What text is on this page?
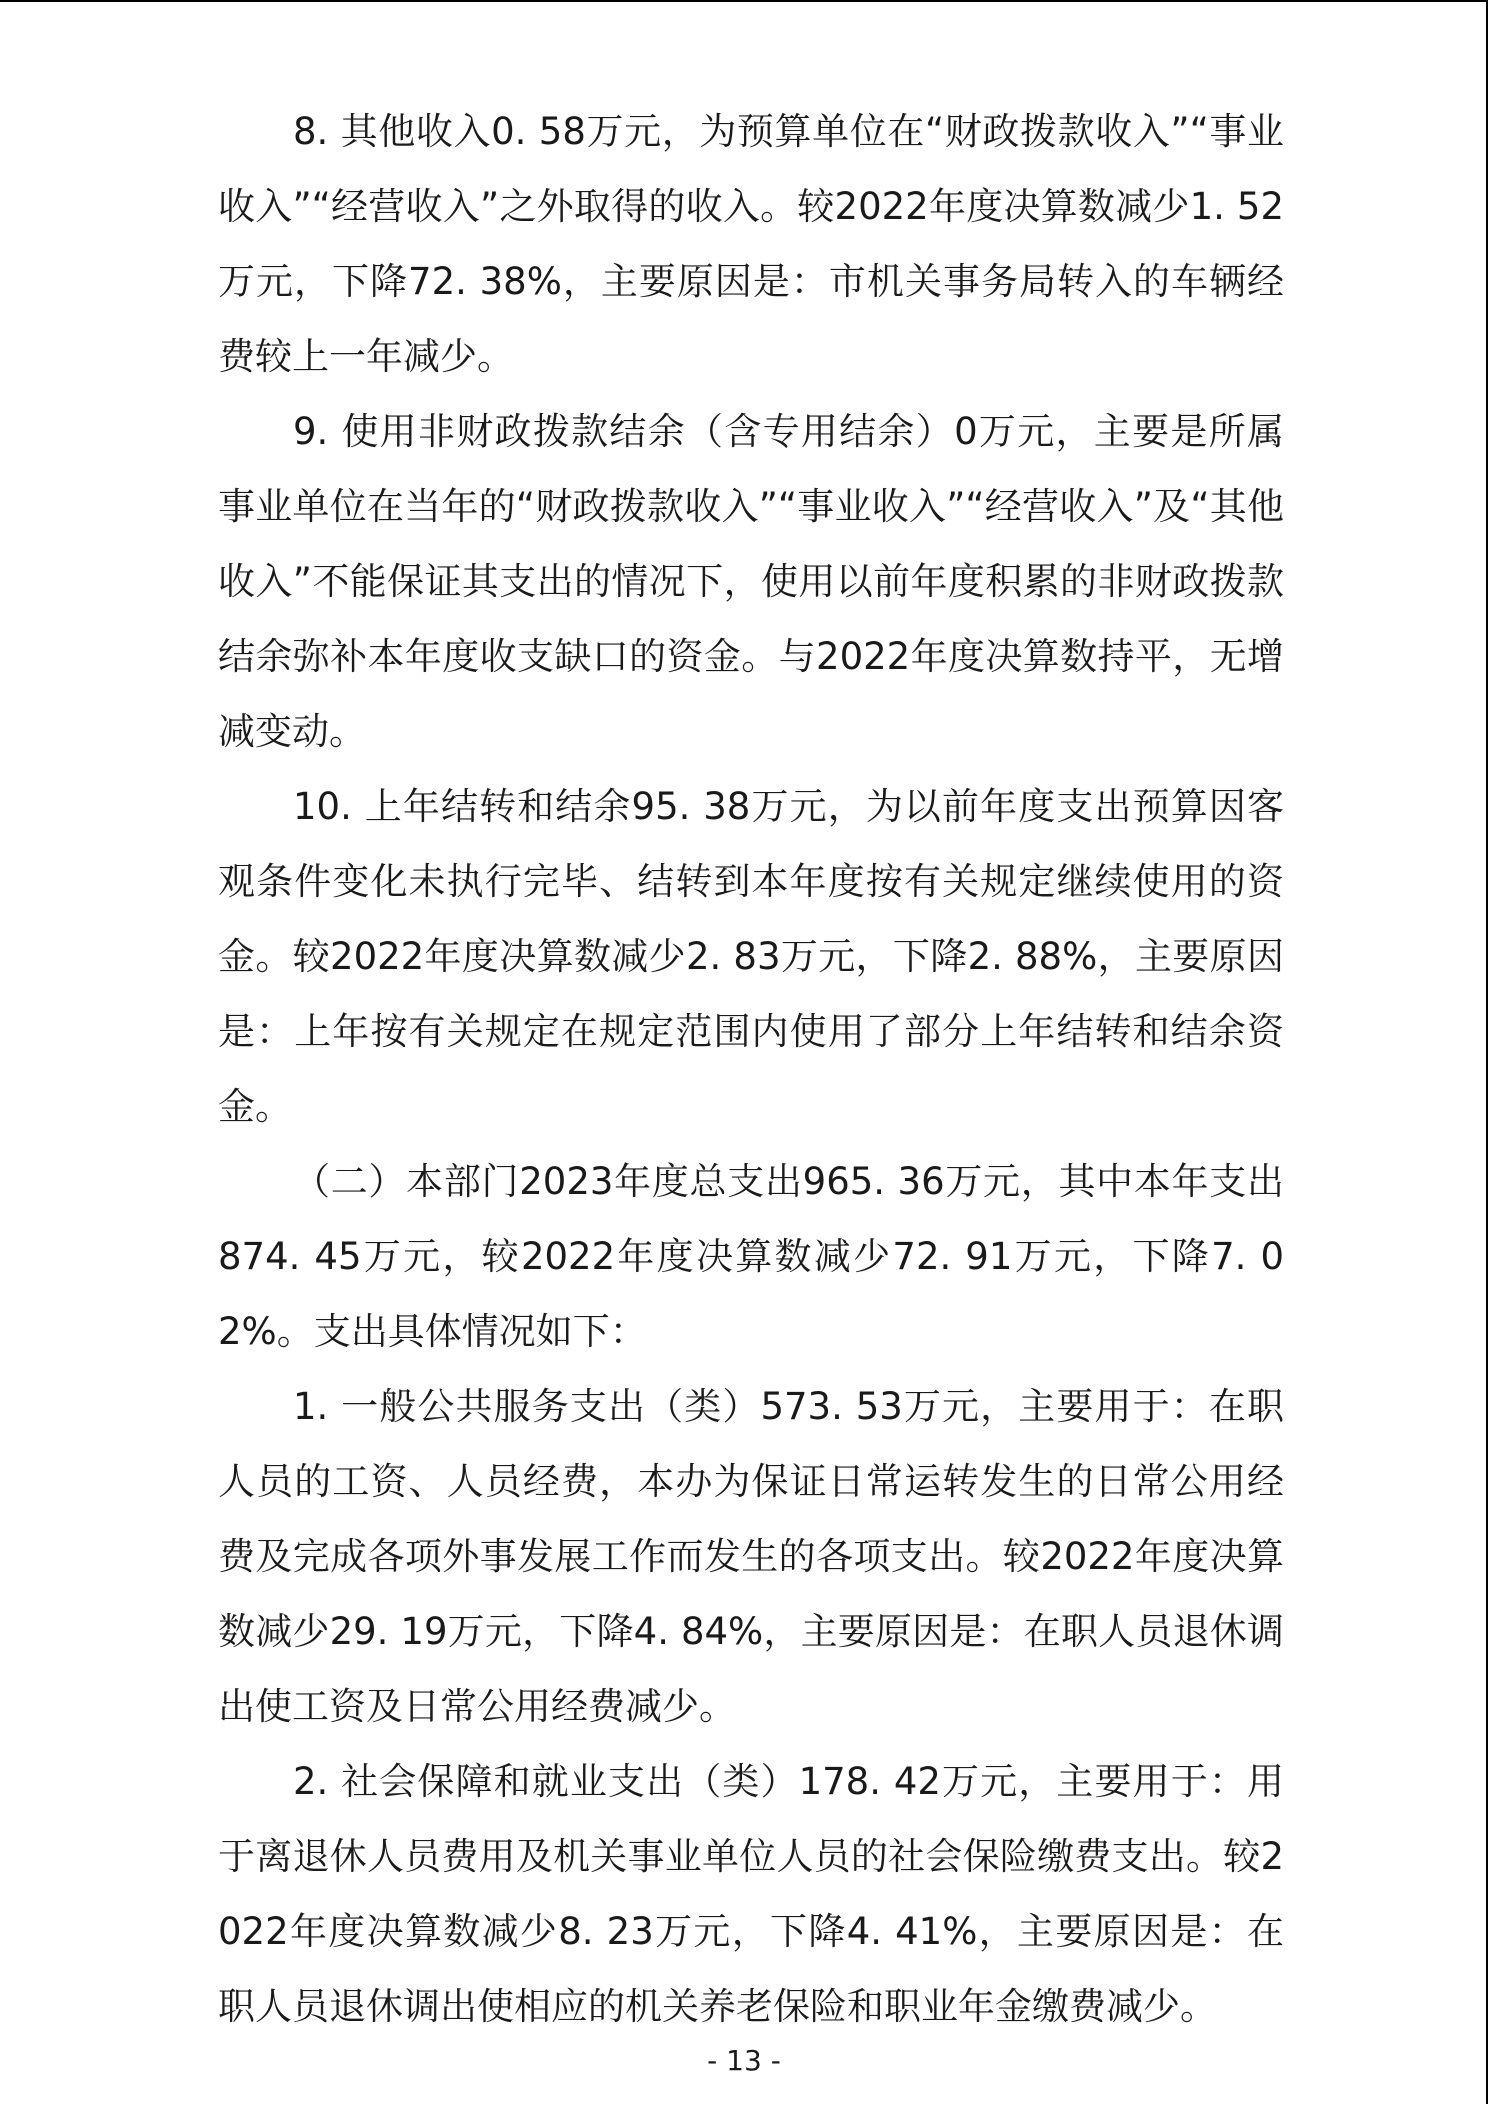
8. 其他收入0. 58万元，为预算单位在“财政拨款收入”“事业收入”“经营收入”之外取得的收入。较2022年度决算数减少1. 52万元，下降72. 38%，主要原因是：市机关事务局转入的车辆经费较上一年减少。

9. 使用非财政拨款结余（含专用结余）0万元，主要是所属事业单位在当年的“财政拨款收入”“事业收入”“经营收入”及“其他收入”不能保证其支出的情况下，使用以前年度积累的非财政拨款结余弥补本年度收支缺口的资金。与2022年度决算数持平，无增减变动。

10. 上年结转和结余95. 38万元，为以前年度支出预算因客观条件变化未执行完毕、结转到本年度按有关规定继续使用的资金。较2022年度决算数减少2. 83万元，下降2. 88%，主要原因是：上年按有关规定在规定范围内使用了部分上年结转和结余资金。

（二）本部门2023年度总支出965. 36万元，其中本年支出874. 45万元，较2022年度决算数减少72. 91万元，下降7. 02%。支出具体情况如下：

1. 一般公共服务支出（类）573. 53万元，主要用于：在职人员的工资、人员经费，本办为保证日常运转发生的日常公用经费及完成各项外事发展工作而发生的各项支出。较2022年度决算数减少29. 19万元，下降4. 84%，主要原因是：在职人员退休调出使工资及日常公用经费减少。

2. 社会保障和就业支出（类）178. 42万元，主要用于：用于离退休人员费用及机关事业单位人员的社会保险缴费支出。较2022年度决算数减少8. 23万元，下降4. 41%，主要原因是：在职人员退休调出使相应的机关养老保险和职业年金缴费减少。

- 13 -
